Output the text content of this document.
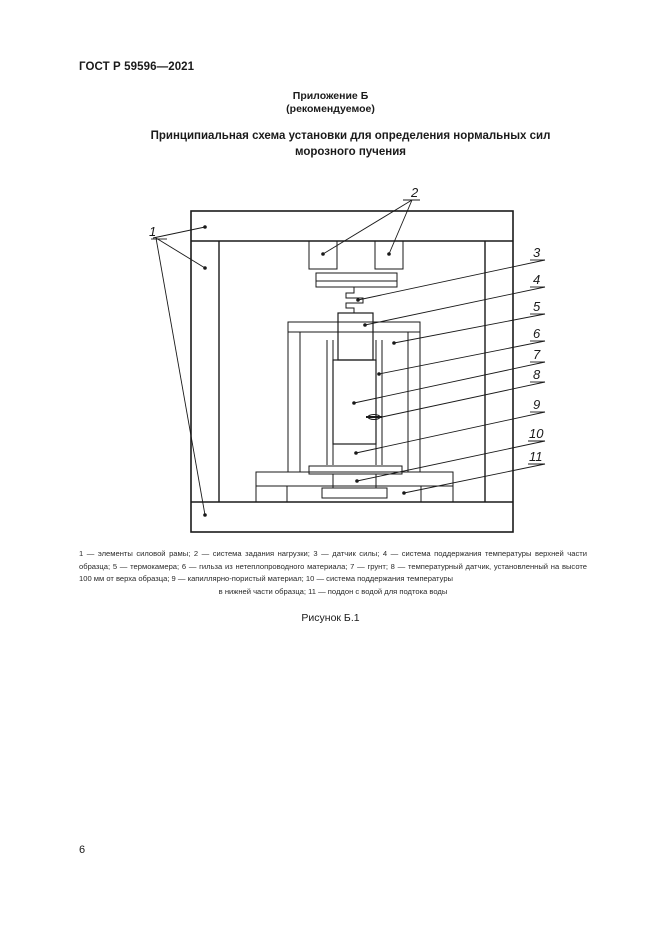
ГОСТ Р 59596—2021
Приложение Б
(рекомендуемое)
Принципиальная схема установки для определения нормальных сил
морозного пучения
1
2
3
4
5
6
7
8
9
10
11
1 — элементы силовой рамы; 2 — система задания нагрузки; 3 — датчик силы; 4 — система поддержания температуры верхней части образца; 5 — термокамера; 6 — гильза из нетеплопроводного материала; 7 — грунт; 8 — температурный датчик, установленный на высоте 100 мм от верха образца; 9 — капиллярно-пористый материал; 10 — система поддержания температуры
в нижней части образца; 11 — поддон с водой для подтока воды
Рисунок Б.1
6
